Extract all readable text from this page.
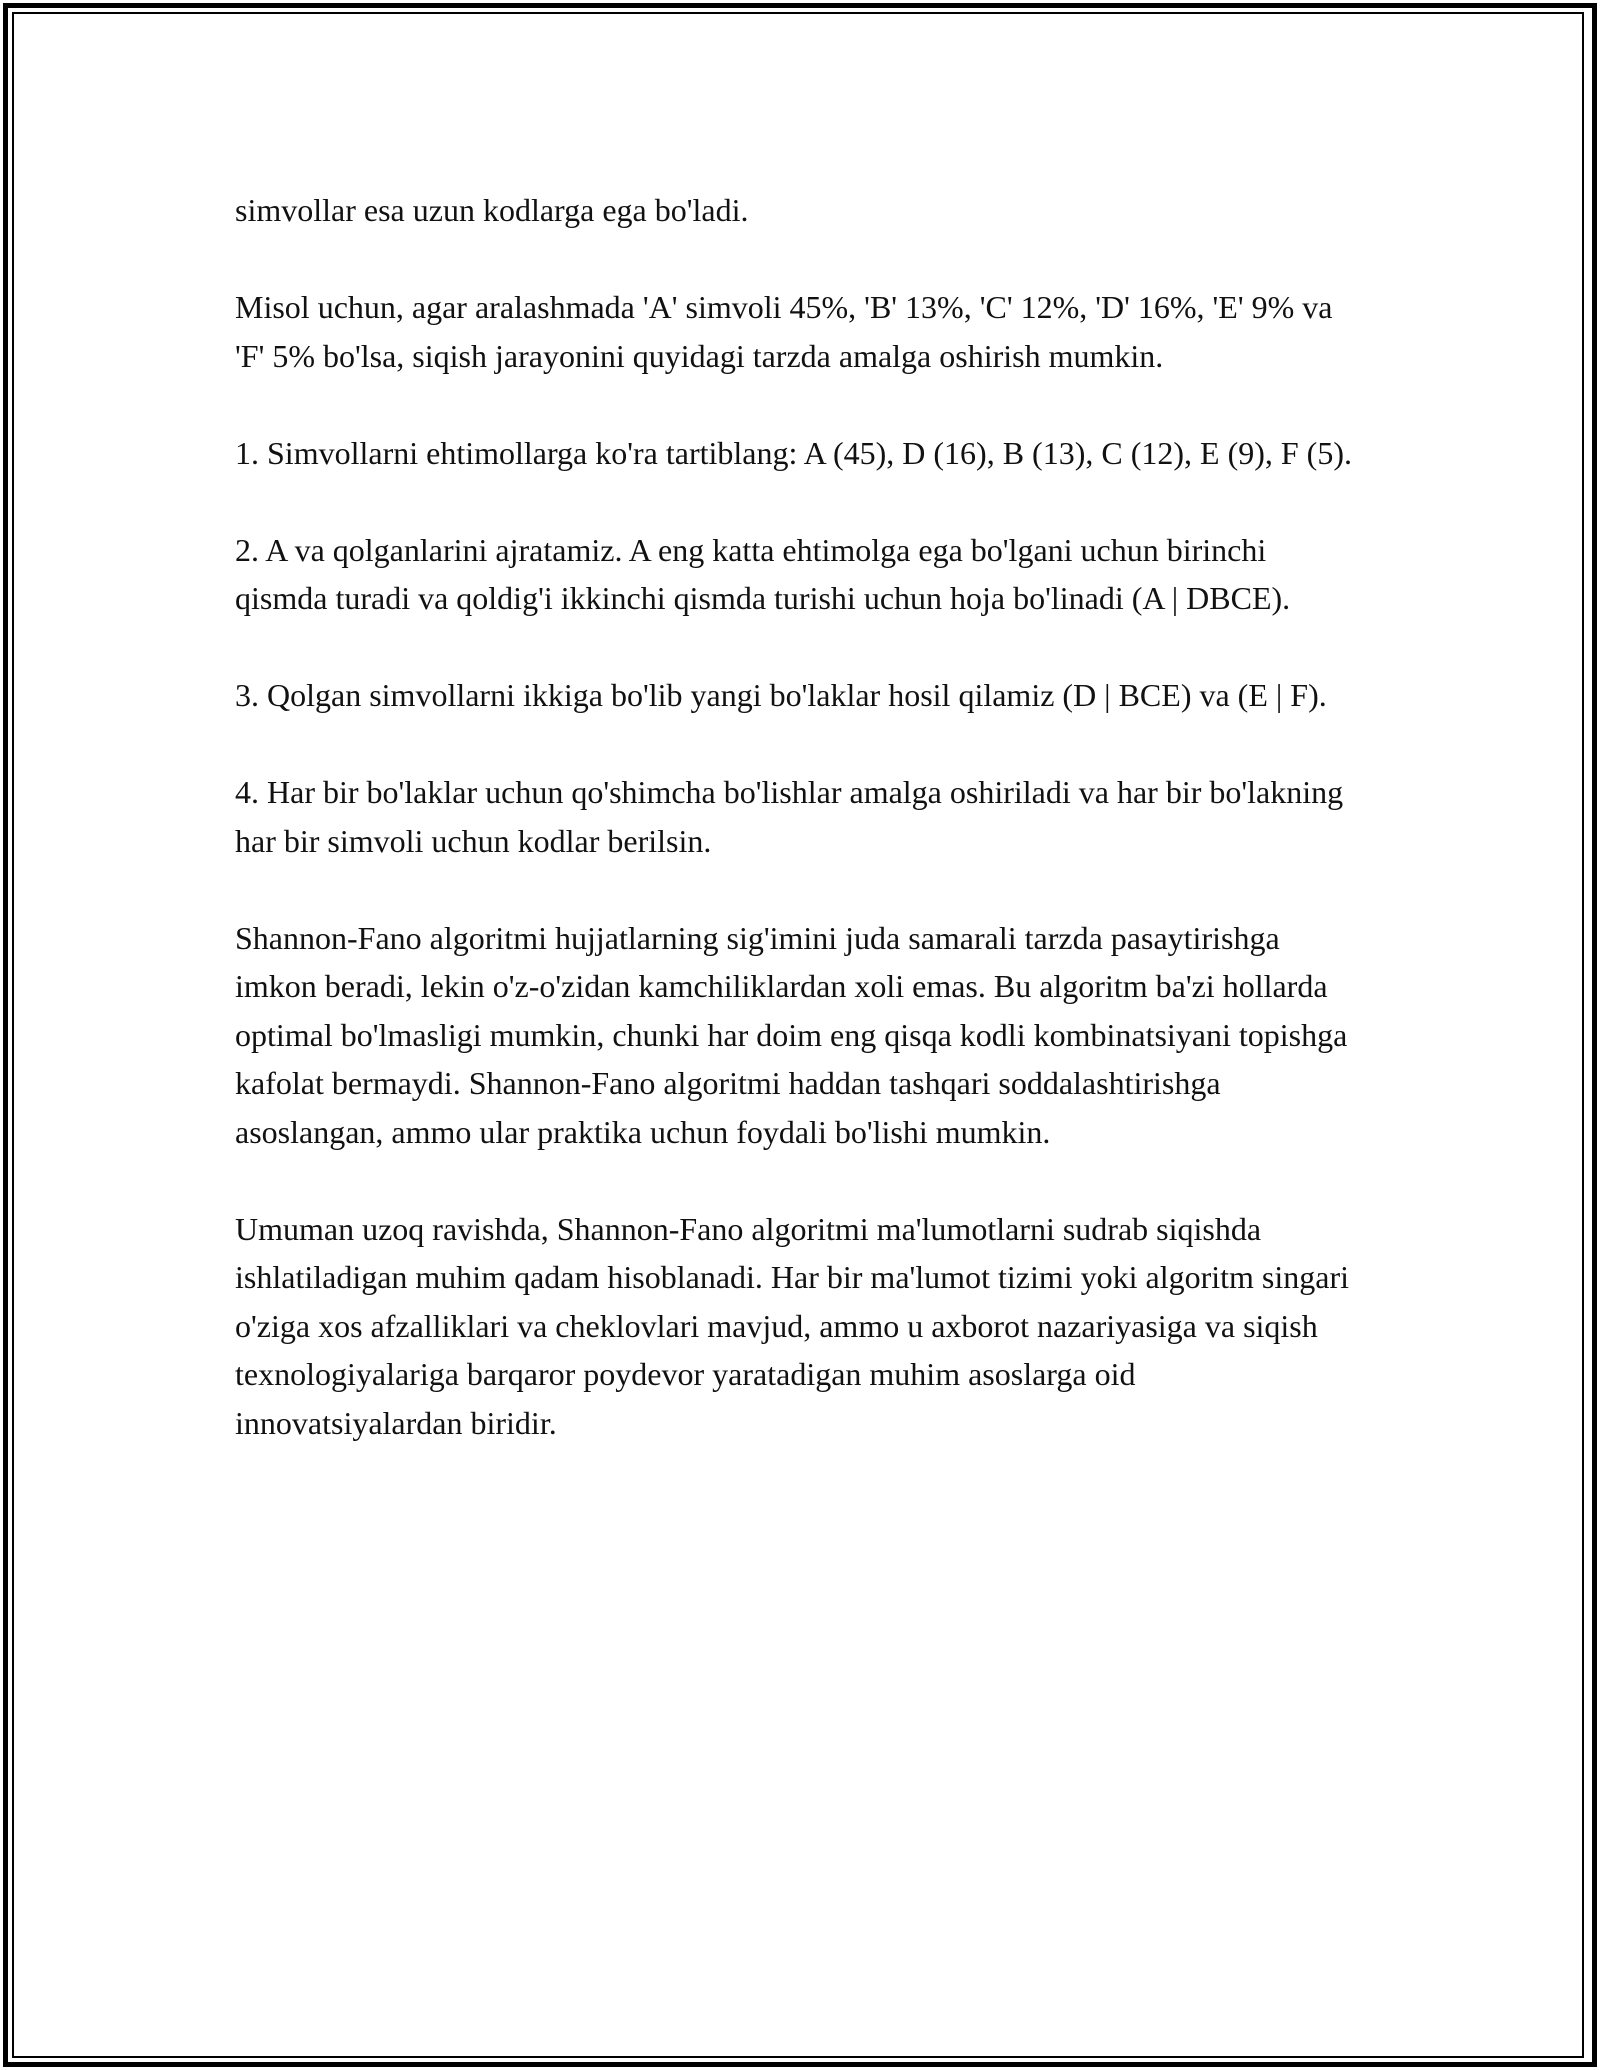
simvollar esa uzun kodlarga ega bo'ladi.

Misol uchun, agar aralashmada 'A' simvoli 45%, 'B' 13%, 'C' 12%, 'D' 16%, 'E' 9% va 'F' 5% bo'lsa, siqish jarayonini quyidagi tarzda amalga oshirish mumkin.

1. Simvollarni ehtimollarga ko'ra tartiblang: A (45), D (16), B (13), C (12), E (9), F (5).

2. A va qolganlarini ajratamiz. A eng katta ehtimolga ega bo'lgani uchun birinchi qismda turadi va qoldig'i ikkinchi qismda turishi uchun hoja bo'linadi (A | DBCE).

3. Qolgan simvollarni ikkiga bo'lib yangi bo'laklar hosil qilamiz (D | BCE) va (E | F).

4. Har bir bo'laklar uchun qo'shimcha bo'lishlar amalga oshiriladi va har bir bo'lakning har bir simvoli uchun kodlar berilsin.

Shannon-Fano algoritmi hujjatlarning sig'imini juda samarali tarzda pasaytirishga imkon beradi, lekin o'z-o'zidan kamchiliklardan xoli emas. Bu algoritm ba'zi hollarda optimal bo'lmasligi mumkin, chunki har doim eng qisqa kodli kombinatsiyani topishga kafolat bermaydi. Shannon-Fano algoritmi haddan tashqari soddalashtirishga asoslangan, ammo ular praktika uchun foydali bo'lishi mumkin.

Umuman uzoq ravishda, Shannon-Fano algoritmi ma'lumotlarni sudrab siqishda ishlatiladigan muhim qadam hisoblanadi. Har bir ma'lumot tizimi yoki algoritm singari o'ziga xos afzalliklari va cheklovlari mavjud, ammo u axborot nazariyasiga va siqish texnologiyalariga barqaror poydevor yaratadigan muhim asoslarga oid innovatsiyalardan biridir.
